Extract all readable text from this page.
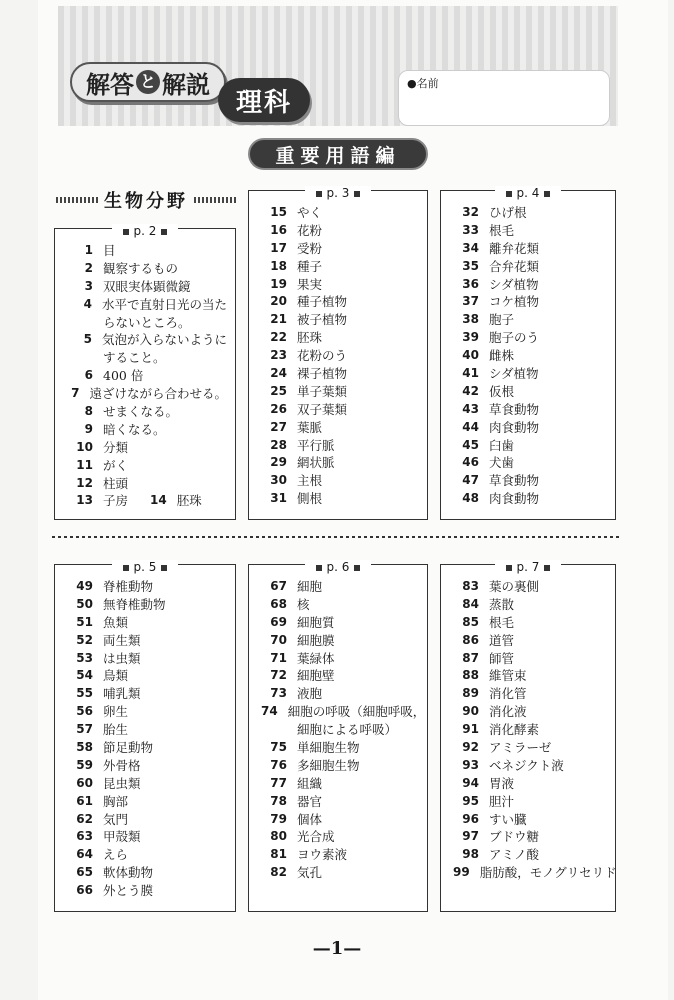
解答 と 解説
理科
●名前
重要用語編
生物分野
p. 2
1 目
2 観察するもの
3 双眼実体顕微鏡
4 水平で直射日光の当た
らないところ。
5 気泡が入らないように
すること。
6 400 倍
7 遠ざけながら合わせる。
8 せまくなる。
9 暗くなる。
10 分類
11 がく
12 柱頭
13 子房 14 胚珠
p. 3
15 やく
16 花粉
17 受粉
18 種子
19 果実
20 種子植物
21 被子植物
22 胚珠
23 花粉のう
24 裸子植物
25 単子葉類
26 双子葉類
27 葉脈
28 平行脈
29 網状脈
30 主根
31 側根
p. 4
32 ひげ根
33 根毛
34 離弁花類
35 合弁花類
36 シダ植物
37 コケ植物
38 胞子
39 胞子のう
40 雌株
41 シダ植物
42 仮根
43 草食動物
44 肉食動物
45 臼歯
46 犬歯
47 草食動物
48 肉食動物
p. 5
49 脊椎動物
50 無脊椎動物
51 魚類
52 両生類
53 は虫類
54 鳥類
55 哺乳類
56 卵生
57 胎生
58 節足動物
59 外骨格
60 昆虫類
61 胸部
62 気門
63 甲殻類
64 えら
65 軟体動物
66 外とう膜
p. 6
67 細胞
68 核
69 細胞質
70 細胞膜
71 葉緑体
72 細胞壁
73 液胞
74 細胞の呼吸（細胞呼吸，
細胞による呼吸）
75 単細胞生物
76 多細胞生物
77 組織
78 器官
79 個体
80 光合成
81 ヨウ素液
82 気孔
p. 7
83 葉の裏側
84 蒸散
85 根毛
86 道管
87 師管
88 維管束
89 消化管
90 消化液
91 消化酵素
92 アミラーゼ
93 ベネジクト液
94 胃液
95 胆汁
96 すい臓
97 ブドウ糖
98 アミノ酸
99 脂肪酸，モノグリセリド
—1—
